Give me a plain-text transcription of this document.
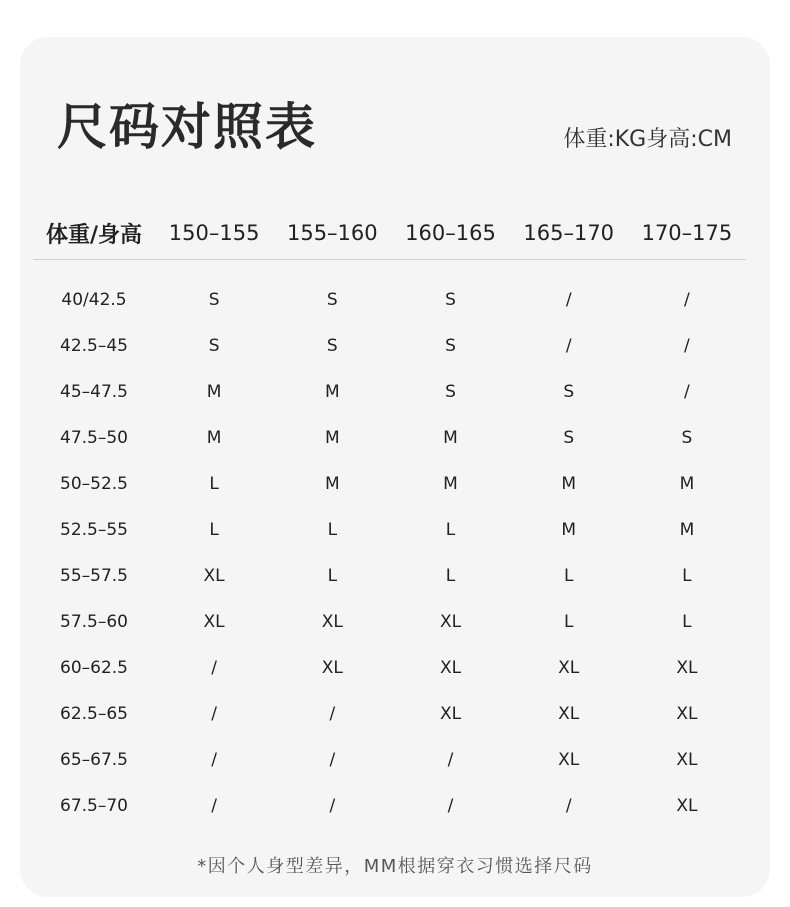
尺码对照表	体重:KG身高:CM
体重/身高	150–155	155–160	160–165	165–170	170–175
40/42.5	S	S	S	/	/
42.5–45	S	S	S	/	/
45–47.5	M	M	S	S	/
47.5–50	M	M	M	S	S
50–52.5	L	M	M	M	M
52.5–55	L	L	L	M	M
55–57.5	XL	L	L	L	L
57.5–60	XL	XL	XL	L	L
60–62.5	/	XL	XL	XL	XL
62.5–65	/	/	XL	XL	XL
65–67.5	/	/	/	XL	XL
67.5–70	/	/	/	/	XL
*因个人身型差异，MM根据穿衣习惯选择尺码
